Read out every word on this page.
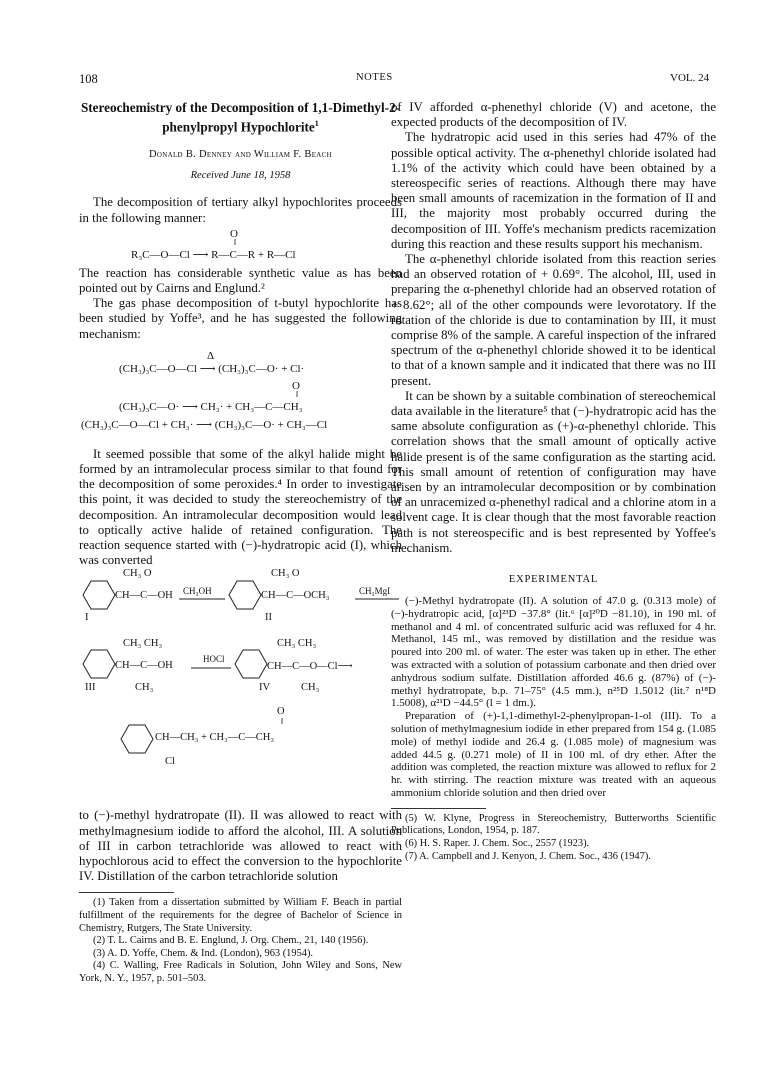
108	NOTES	VOL. 24
Stereochemistry of the Decomposition of 1,1-Dimethyl-2-phenylpropyl Hypochlorite$^1$
Donald B. Denney and William F. Beach
Received June 18, 1958

The decomposition of tertiary alkyl hypochlorites proceeds in the following manner:

O
‖
R₃C—O—Cl ⟶ R—C—R + R—Cl

The reaction has considerable synthetic value as has been pointed out by Cairns and Englund.²

The gas phase decomposition of t-butyl hypochlorite has been studied by Yoffe³, and he has suggested the following mechanism:

Δ
(CH₃)₃C—O—Cl ⟶ (CH₃)₃C—O· + Cl·
O
‖
(CH₃)₃C—O· ⟶ CH₃· + CH₃—C—CH₃
(CH₃)₃C—O—Cl + CH₃· ⟶ (CH₃)₃C—O· + CH₃—Cl

It seemed possible that some of the alkyl halide might be formed by an intramolecular process similar to that found for the decomposition of some peroxides.⁴ In order to investigate this point, it was decided to study the stereochemistry of the decomposition. An intramolecular decomposition would lead to optically active halide of retained configuration. The reaction sequence started with (−)-hydratropic acid (I), which was converted

CH₃ O
CH—C—OH CH₃OH
CH₃ O
CH—C—OCH₃	CH₃MgI
I	II
CH₃ CH₃
CH—C—OH
HOCl
CH₃ CH₃
CH—C—O—Cl⟶
III	CH₃	IV	CH₃
O
‖
CH—CH₃ + CH₃—C—CH₃
Cl

to (−)-methyl hydratropate (II). II was allowed to react with methylmagnesium iodide to afford the alcohol, III. A solution of III in carbon tetrachloride was allowed to react with hypochlorous acid to effect the conversion to the hypochlorite IV. Distillation of the carbon tetrachloride solution

(1) Taken from a dissertation submitted by William F. Beach in partial fulfillment of the requirements for the degree of Bachelor of Science in Chemistry, Rutgers, The State University.

(2) T. L. Cairns and B. E. Englund, J. Org. Chem., 21, 140 (1956).

(3) A. D. Yoffe, Chem. & Ind. (London), 963 (1954).

(4) C. Walling, Free Radicals in Solution, John Wiley and Sons, New York, N. Y., 1957, p. 501–503.

of IV afforded α-phenethyl chloride (V) and acetone, the expected products of the decomposition of IV.

The hydratropic acid used in this series had 47% of the possible optical activity. The α-phenethyl chloride isolated had 1.1% of the activity which could have been obtained by a stereospecific series of reactions. Although there may have been small amounts of racemization in the formation of II and III, the majority most probably occurred during the decomposition of III. Yoffe's mechanism predicts racemization during this reaction and these results support his mechanism.

The α-phenethyl chloride isolated from this reaction series had an observed rotation of + 0.69°. The alcohol, III, used in preparing the α-phenethyl chloride had an observed rotation of + 8.62°; all of the other compounds were levorotatory. If the rotation of the chloride is due to contamination by III, it must comprise 8% of the sample. A careful inspection of the infrared spectrum of the α-phenethyl chloride showed it to be identical to that of a known sample and it indicated that there was no III present.

It can be shown by a suitable combination of stereochemical data available in the literature⁵ that (−)-hydratropic acid has the same absolute configuration as (+)-α-phenethyl chloride. This correlation shows that the small amount of optically active halide present is of the same configuration as the starting acid. This small amount of retention of configuration may have arisen by an intramolecular decomposition or by combination of an unracemized α-phenethyl radical and a chlorine atom in a solvent cage. It is clear though that the most favorable reaction path is not stereospecific and is best represented by Yoffee's mechanism.

EXPERIMENTAL

(−)-Methyl hydratropate (II). A solution of 47.0 g. (0.313 mole) of (−)-hydratropic acid, [α]²³D −37.8° (lit.⁶ [α]²⁰D −81.10), in 190 ml. of methanol and 4 ml. of concentrated sulfuric acid was refluxed for 4 hr. Methanol, 145 ml., was removed by distillation and the residue was poured into 200 ml. of water. The ester was taken up in ether. The ether was extracted with a solution of potassium carbonate and then dried over anhydrous sodium sulfate. Distillation afforded 46.6 g. (87%) of (−)-methyl hydratropate, b.p. 71–75° (4.5 mm.), n²⁵D 1.5012 (lit.⁷ n¹⁸D 1.5008), α²¹D −44.5° (l = 1 dm.).

Preparation of (+)-1,1-dimethyl-2-phenylpropan-1-ol (III). To a solution of methylmagnesium iodide in ether prepared from 154 g. (1.085 mole) of methyl iodide and 26.4 g. (1.085 mole) of magnesium was added 44.5 g. (0.271 mole) of II in 100 ml. of dry ether. After the addition was completed, the reaction mixture was allowed to reflux for 2 hr. with stirring. The reaction mixture was treated with an aqueous ammonium chloride solution and then dried over

(5) W. Klyne, Progress in Stereochemistry, Butterworths Scientific Publications, London, 1954, p. 187.

(6) H. S. Raper. J. Chem. Soc., 2557 (1923).

(7) A. Campbell and J. Kenyon, J. Chem. Soc., 436 (1947).
